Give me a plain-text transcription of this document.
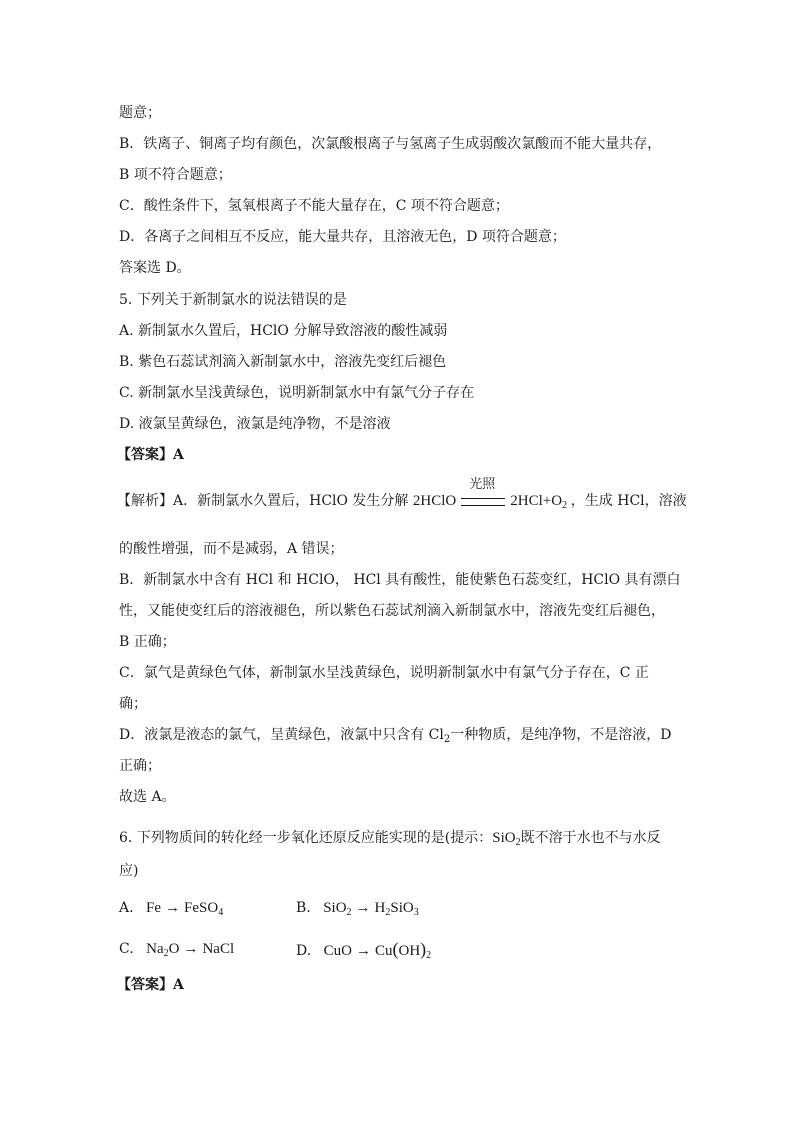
题意；
B．铁离子、铜离子均有颜色，次氯酸根离子与氢离子生成弱酸次氯酸而不能大量共存，
B 项不符合题意；
C．酸性条件下，氢氧根离子不能大量存在，C 项不符合题意；
D．各离子之间相互不反应，能大量共存，且溶液无色，D 项符合题意；
答案选 D。
5. 下列关于新制氯水的说法错误的是
A. 新制氯水久置后，HClO 分解导致溶液的酸性减弱
B. 紫色石蕊试剂滴入新制氯水中，溶液先变红后褪色
C. 新制氯水呈浅黄绿色，说明新制氯水中有氯气分子存在
D. 液氯呈黄绿色，液氯是纯净物，不是溶液
【答案】A
【解析】A．新制氯水久置后，HClO 发生分解 2HClO
光照
$2HCl+O_2$ ，生成 HCl，溶液
的酸性增强，而不是减弱，A 错误；
B．新制氯水中含有 HCl 和 HClO， HCl 具有酸性，能使紫色石蕊变红，HClO 具有漂白
性，又能使变红后的溶液褪色，所以紫色石蕊试剂滴入新制氯水中，溶液先变红后褪色，
B 正确；
C．氯气是黄绿色气体，新制氯水呈浅黄绿色，说明新制氯水中有氯气分子存在，C 正
确；
D．液氯是液态的氯气，呈黄绿色，液氯中只含有 $Cl_2$一种物质，是纯净物，不是溶液，D
正确；
故选 A。
6. 下列物质间的转化经一步氧化还原反应能实现的是(提示：SiO$_2$既不溶于水也不与水反
应)
A. Fe → FeSO$_4$	B. $SiO_2 \to H_2SiO_3$
C. $Na_2O$ → NaCl	D. CuO → $Cu(OH)_2$
【答案】A
